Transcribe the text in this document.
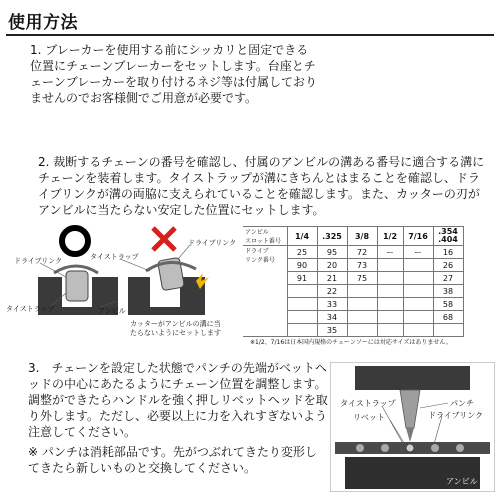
使用方法
1. ブレーカーを使用する前にシッカリと固定できる位置にチェーンブレーカーをセットします。台座とチェーンブレーカーを取り付けるネジ等は付属しておりませんのでお客様側でご用意が必要です。
2. 裁断するチェーンの番号を確認し、付属のアンビルの溝ある番号に適合する溝にチェーンを装着します。タイストラップが溝にきちんとはまることを確認し、ドライブリンクが溝の両脇に支えられていることを確認します。また、カッターの刃がアンビルに当たらない安定した位置にセットします。
ドライブリンク
タイストラップ
タイストラップ
アンビル
ドライブリンク
カッターがアンビルの溝に当たらないようにセットします
アンビル
スロット番号	1/4	.325	3/8	1/2	7/16	.354 .404

ドライブ
リンク番号	25	95	72	ー	ー	16
	90	20	73			26
	91	21	75			27
		22				38
		33				58
		34				68
		35				
※1/2、7/16は日本国内規格のチェーンソーには対応サイズはありません。
3.　チェーンを設定した状態でパンチの先端がベットヘッドの中心にあたるようにチェーン位置を調整します。調整ができたらハンドルを強く押しリベットヘッドを取り外します。ただし、必要以上に力を入れすぎないよう注意してください。
タイストラップ
リベット
パンチ
ドライブリンク
アンビル
※ パンチは消耗部品です。先がつぶれてきたり変形してきたら新しいものと交換してください。
